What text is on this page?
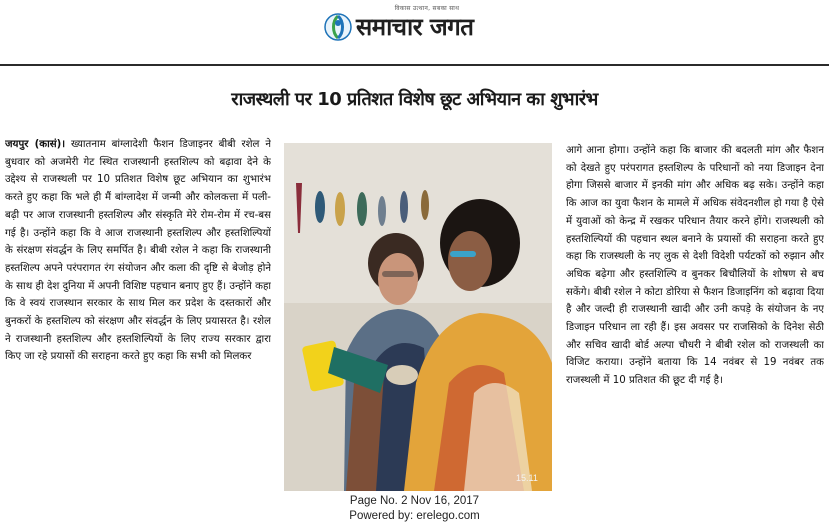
विकास उत्थान, सबका साथ
समाचार जगत
राजस्थली पर 10 प्रतिशत विशेष छूट अभियान का शुभारंभ
जयपुर (कासं)। ख्यातनाम बांग्लादेशी फैशन डिजाइनर बीबी रशेल ने बुधवार को अजमेरी गेट स्थित राजस्थानी हस्तशिल्प को बढ़ावा देने के उद्देश्य से राजस्थली पर 10 प्रतिशत विशेष छूट अभियान का शुभारंभ करते हुए कहा कि भले ही मैं बांग्लादेश में जन्मी और कोलकत्ता में पली-बढ़ी पर आज राजस्थानी हस्तशिल्प और संस्कृति मेरे रोम-रोम में रच-बस गई है। उन्होंने कहा कि वे आज राजस्थानी हस्तशिल्प और हस्तशिल्पियों के संरक्षण संवर्द्धन के लिए समर्पित है। बीबी रशेल ने कहा कि राजस्थानी हस्तशिल्प अपने परंपरागत रंग संयोजन और कला की दृष्टि से बेजोड़ होने के साथ ही देश दुनिया में अपनी विशिष्ट पहचान बनाए हुए हैं। उन्होंने कहा कि वे स्वयं राजस्थान सरकार के साथ मिल कर प्रदेश के दस्तकारों और बुनकरों के हस्तशिल्प को संरक्षण और संवर्द्धन के लिए प्रयासरत है। रशेल ने राजस्थानी हस्तशिल्प और हस्तशिल्पियों के लिए राज्य सरकार द्वारा किए जा रहे प्रयासों की सराहना करते हुए कहा कि सभी को मिलकर
15.11
आगे आना होगा। उन्होंने कहा कि बाजार की बदलती मांग और फैशन को देखते हुए परंपरागत हस्तशिल्प के परिधानों को नया डिजाइन देना होगा जिससे बाजार में इनकी मांग और अधिक बढ़ सके। उन्होंने कहा कि आज का युवा फैशन के मामले में अधिक संवेदनशील हो गया है ऐसे में युवाओं को केन्द्र में रखकर परिधान तैयार करने होंगे। राजस्थली को हस्तशिल्पियों की पहचान स्थल बनाने के प्रयासों की सराहना करते हुए कहा कि राजस्थली के नए लुक से देशी विदेशी पर्यटकों को रुझान और अधिक बढ़ेगा और हस्तशिल्पि व बुनकर बिचौलियों के शोषण से बच सकेंगे। बीबी रशेल ने कोटा डोरिया से फैशन डिजाइनिंग को बढ़ावा दिया है और जल्दी ही राजस्थानी खादी और उनी कपड़े के संयोजन के नए डिजाइन परिधान ला रही हैं। इस अवसर पर राजसिको के दिनेश सेठी और सचिव खादी बोर्ड अल्पा चौधरी ने बीबी रशेल को राजस्थली का विजिट कराया। उन्होंने बताया कि 14 नवंबर से 19 नवंबर तक राजस्थली में 10 प्रतिशत की छूट दी गई है।
Page No. 2 Nov 16, 2017
Powered by: erelego.com
